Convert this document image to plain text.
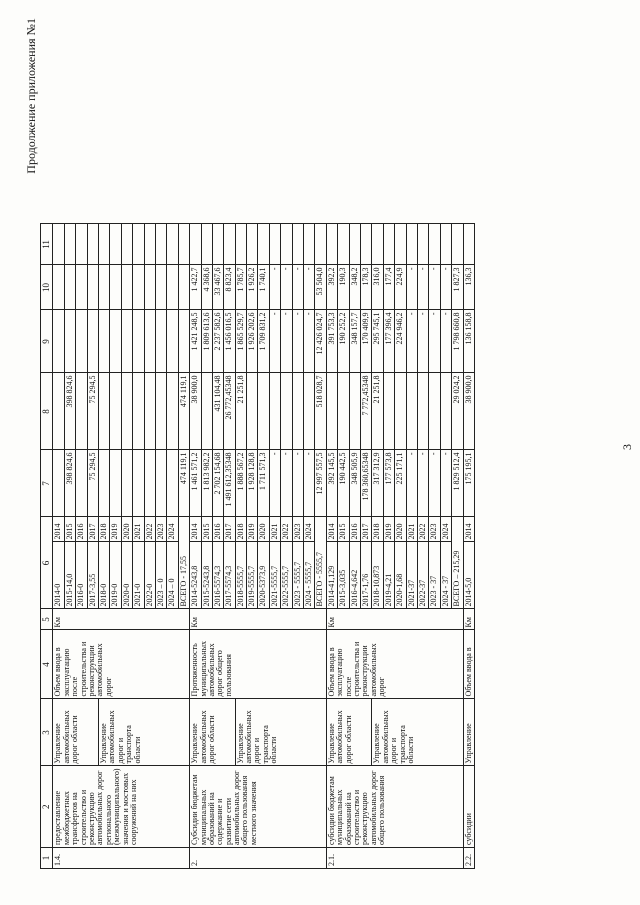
Продолжение приложения №1
1	2	3	4	5	6		7	8	9	10	11
1.4.	предоставление межбюджетных трансфертов на строительство и реконструкцию автомобильных дорог регионального (межмуниципального) значения и мостовых сооружений на них	Управление автомобильных дорог области	Объем ввода в эксплуатацию после строительства и реконструкции автомобильных дорог	Км	2014-0	2014					
					2015-14,0	2015	398 824,6	398 824,6			
					2016-0	2016					
					2017-3,55	2017	75 294,5	75 294,5			
		Управление автомобильных дорог и транспорта области			2018-0	2018					
					2019-0	2019					
					2020-0	2020					
					2021-0	2021					
					2022-0	2022					
					2023 – 0	2023					
					2024 – 0	2024					
					ВСЕГО - 17,55		474 119,1	474 119,1			
2.	Субсидии бюджетам муниципальных образований на содержание и развитие сети автомобильных дорог общего пользования местного значения	Управление автомобильных дорог области	Протяженность муниципальных автомобильных дорог общего пользования	Км	2014-5243,8	2014	1 461 571,2	38 900,0	1 421 248,5	1 422,7	
					2015-5243,8	2015	1 813 982,2		1 809 613,6	4 368,6	
					2016-5574,3	2016	2 702 154,68	431 104,48	2 237 582,6	33 467,6	
					2017-5574,3	2017	1 491 612,35348	26 772,45348	1 456 016,5	8 823,4	
		Управление автомобильных дорог и транспорта области			2018-5555,7	2018	1 888 567,2	21 251,8	1 865 529,7	1 785,7	
					2019-5555,7	2019	1 928 128,8		1 926 202,6	1 926,2	
					2020-5373,9	2020	1 711 571,3		1 709 831,2	1 740,1	
					2021-5555,7	2021	-		-	-	
					2022-5555,7	2022	-		-	-	
					2023 - 5555,7	2023	-		-	-	
					2024 - 5555,7	2024	-		-	-	
					ВСЕГО - 5555,7		12 997 557,5	518 028,7	12 426 024,7	53 504,0	
2.1.	субсидии бюджетам муниципальных образований на строительство и реконструкцию автомобильных дорог общего пользования	Управление автомобильных дорог области	Объем ввода в эксплуатацию после строительства и реконструкции автомобильных дорог	Км	2014-41,129	2014	392 145,5		391 753,3	392,2	
					2015-3,035	2015	190 442,5		190 252,2	190,3	
					2016-4,642	2016	348 505,9		348 157,7	348,2	
					2017-1,76	2017	178 360,65348	7 772,45348	170 409,9	178,3	
		Управление автомобильных дорог и транспорта области			2018-10,873	2018	317 312,9	21 251,8	295 745,1	316,0	
					2019-4,21	2019	177 573,8		177 396,4	177,4	
					2020-1,68	2020	225 171,1		224 946,2	224,9	
					2021-37	2021	-		-	-	
					2022-37	2022	-		-	-	
					2023 - 37	2023	-		-	-	
					2024 - 37	2024	-		-	-	
					ВСЕГО – 215,29		1 829 512,4	29 024,2	1 798 660,8	1 827,3	
2.2.	субсидии	Управление	Объем ввода в	Км	2014-5,0	2014	175 195,1	38 900,0	136 158,8	136,3	
3
